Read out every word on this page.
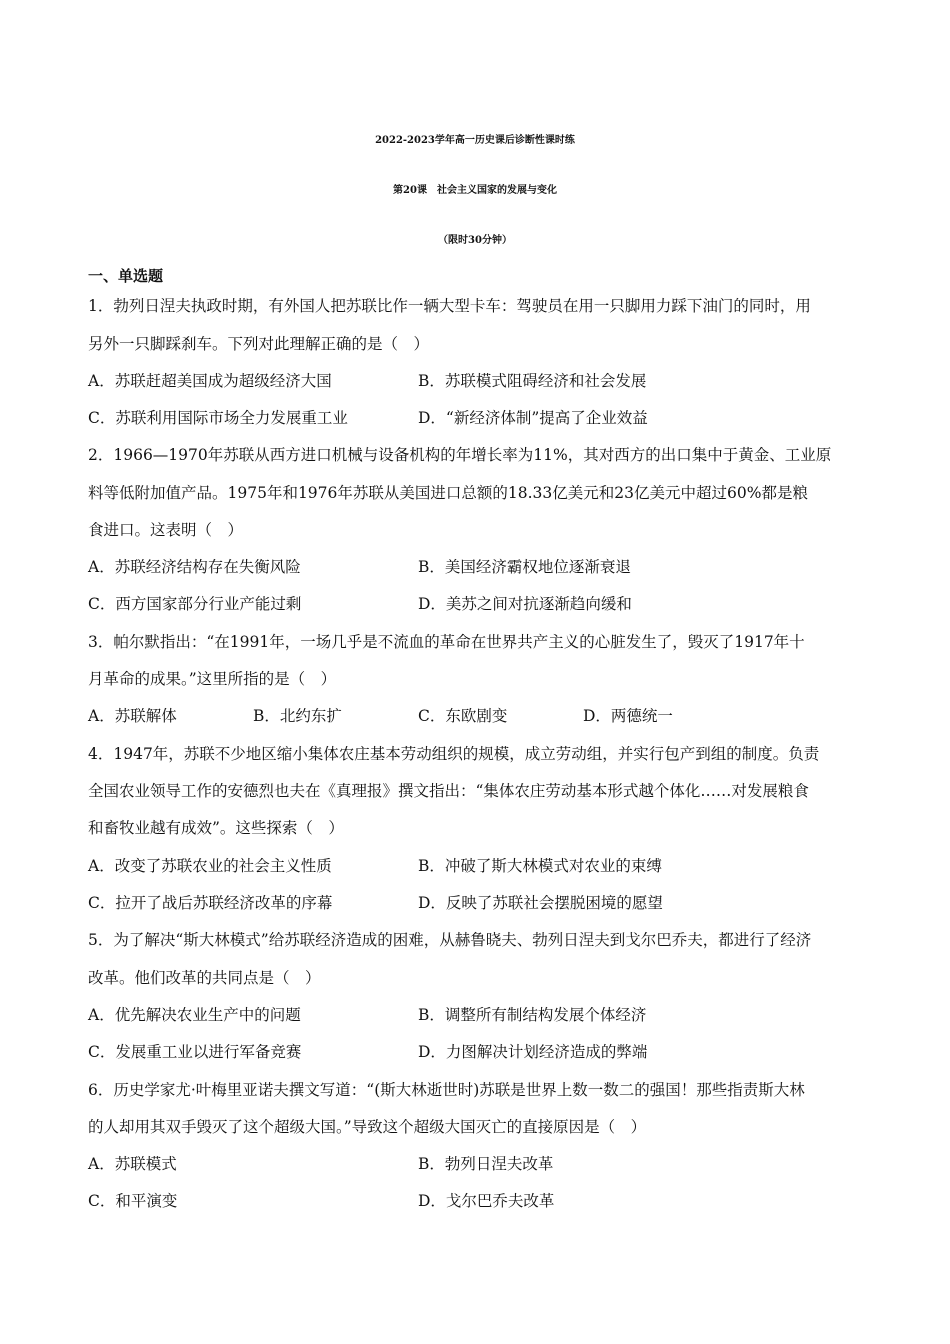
2022-2023学年高一历史课后诊断性课时练
第20课　社会主义国家的发展与变化
（限时30分钟）
一、单选题
1．勃列日涅夫执政时期，有外国人把苏联比作一辆大型卡车：驾驶员在用一只脚用力踩下油门的同时，用
另外一只脚踩刹车。下列对此理解正确的是（　）
A．苏联赶超美国成为超级经济大国	B．苏联模式阻碍经济和社会发展
C．苏联利用国际市场全力发展重工业	D．“新经济体制”提高了企业效益
2．1966—1970年苏联从西方进口机械与设备机构的年增长率为11%，其对西方的出口集中于黄金、工业原
料等低附加值产品。1975年和1976年苏联从美国进口总额的18.33亿美元和23亿美元中超过60%都是粮
食进口。这表明（　）
A．苏联经济结构存在失衡风险	B．美国经济霸权地位逐渐衰退
C．西方国家部分行业产能过剩	D．美苏之间对抗逐渐趋向缓和
3．帕尔默指出：“在1991年，一场几乎是不流血的革命在世界共产主义的心脏发生了，毁灭了1917年十
月革命的成果。”这里所指的是（　）
A．苏联解体	B．北约东扩	C．东欧剧变	D．两德统一
4．1947年，苏联不少地区缩小集体农庄基本劳动组织的规模，成立劳动组，并实行包产到组的制度。负责
全国农业领导工作的安德烈也夫在《真理报》撰文指出：“集体农庄劳动基本形式越个体化……对发展粮食
和畜牧业越有成效”。这些探索（　）
A．改变了苏联农业的社会主义性质	B．冲破了斯大林模式对农业的束缚
C．拉开了战后苏联经济改革的序幕	D．反映了苏联社会摆脱困境的愿望
5．为了解决“斯大林模式”给苏联经济造成的困难，从赫鲁晓夫、勃列日涅夫到戈尔巴乔夫，都进行了经济
改革。他们改革的共同点是（　）
A．优先解决农业生产中的问题	B．调整所有制结构发展个体经济
C．发展重工业以进行军备竞赛	D．力图解决计划经济造成的弊端
6．历史学家尤·叶梅里亚诺夫撰文写道：“(斯大林逝世时)苏联是世界上数一数二的强国！那些指责斯大林
的人却用其双手毁灭了这个超级大国。”导致这个超级大国灭亡的直接原因是（　）
A．苏联模式	B．勃列日涅夫改革
C．和平演变	D．戈尔巴乔夫改革
